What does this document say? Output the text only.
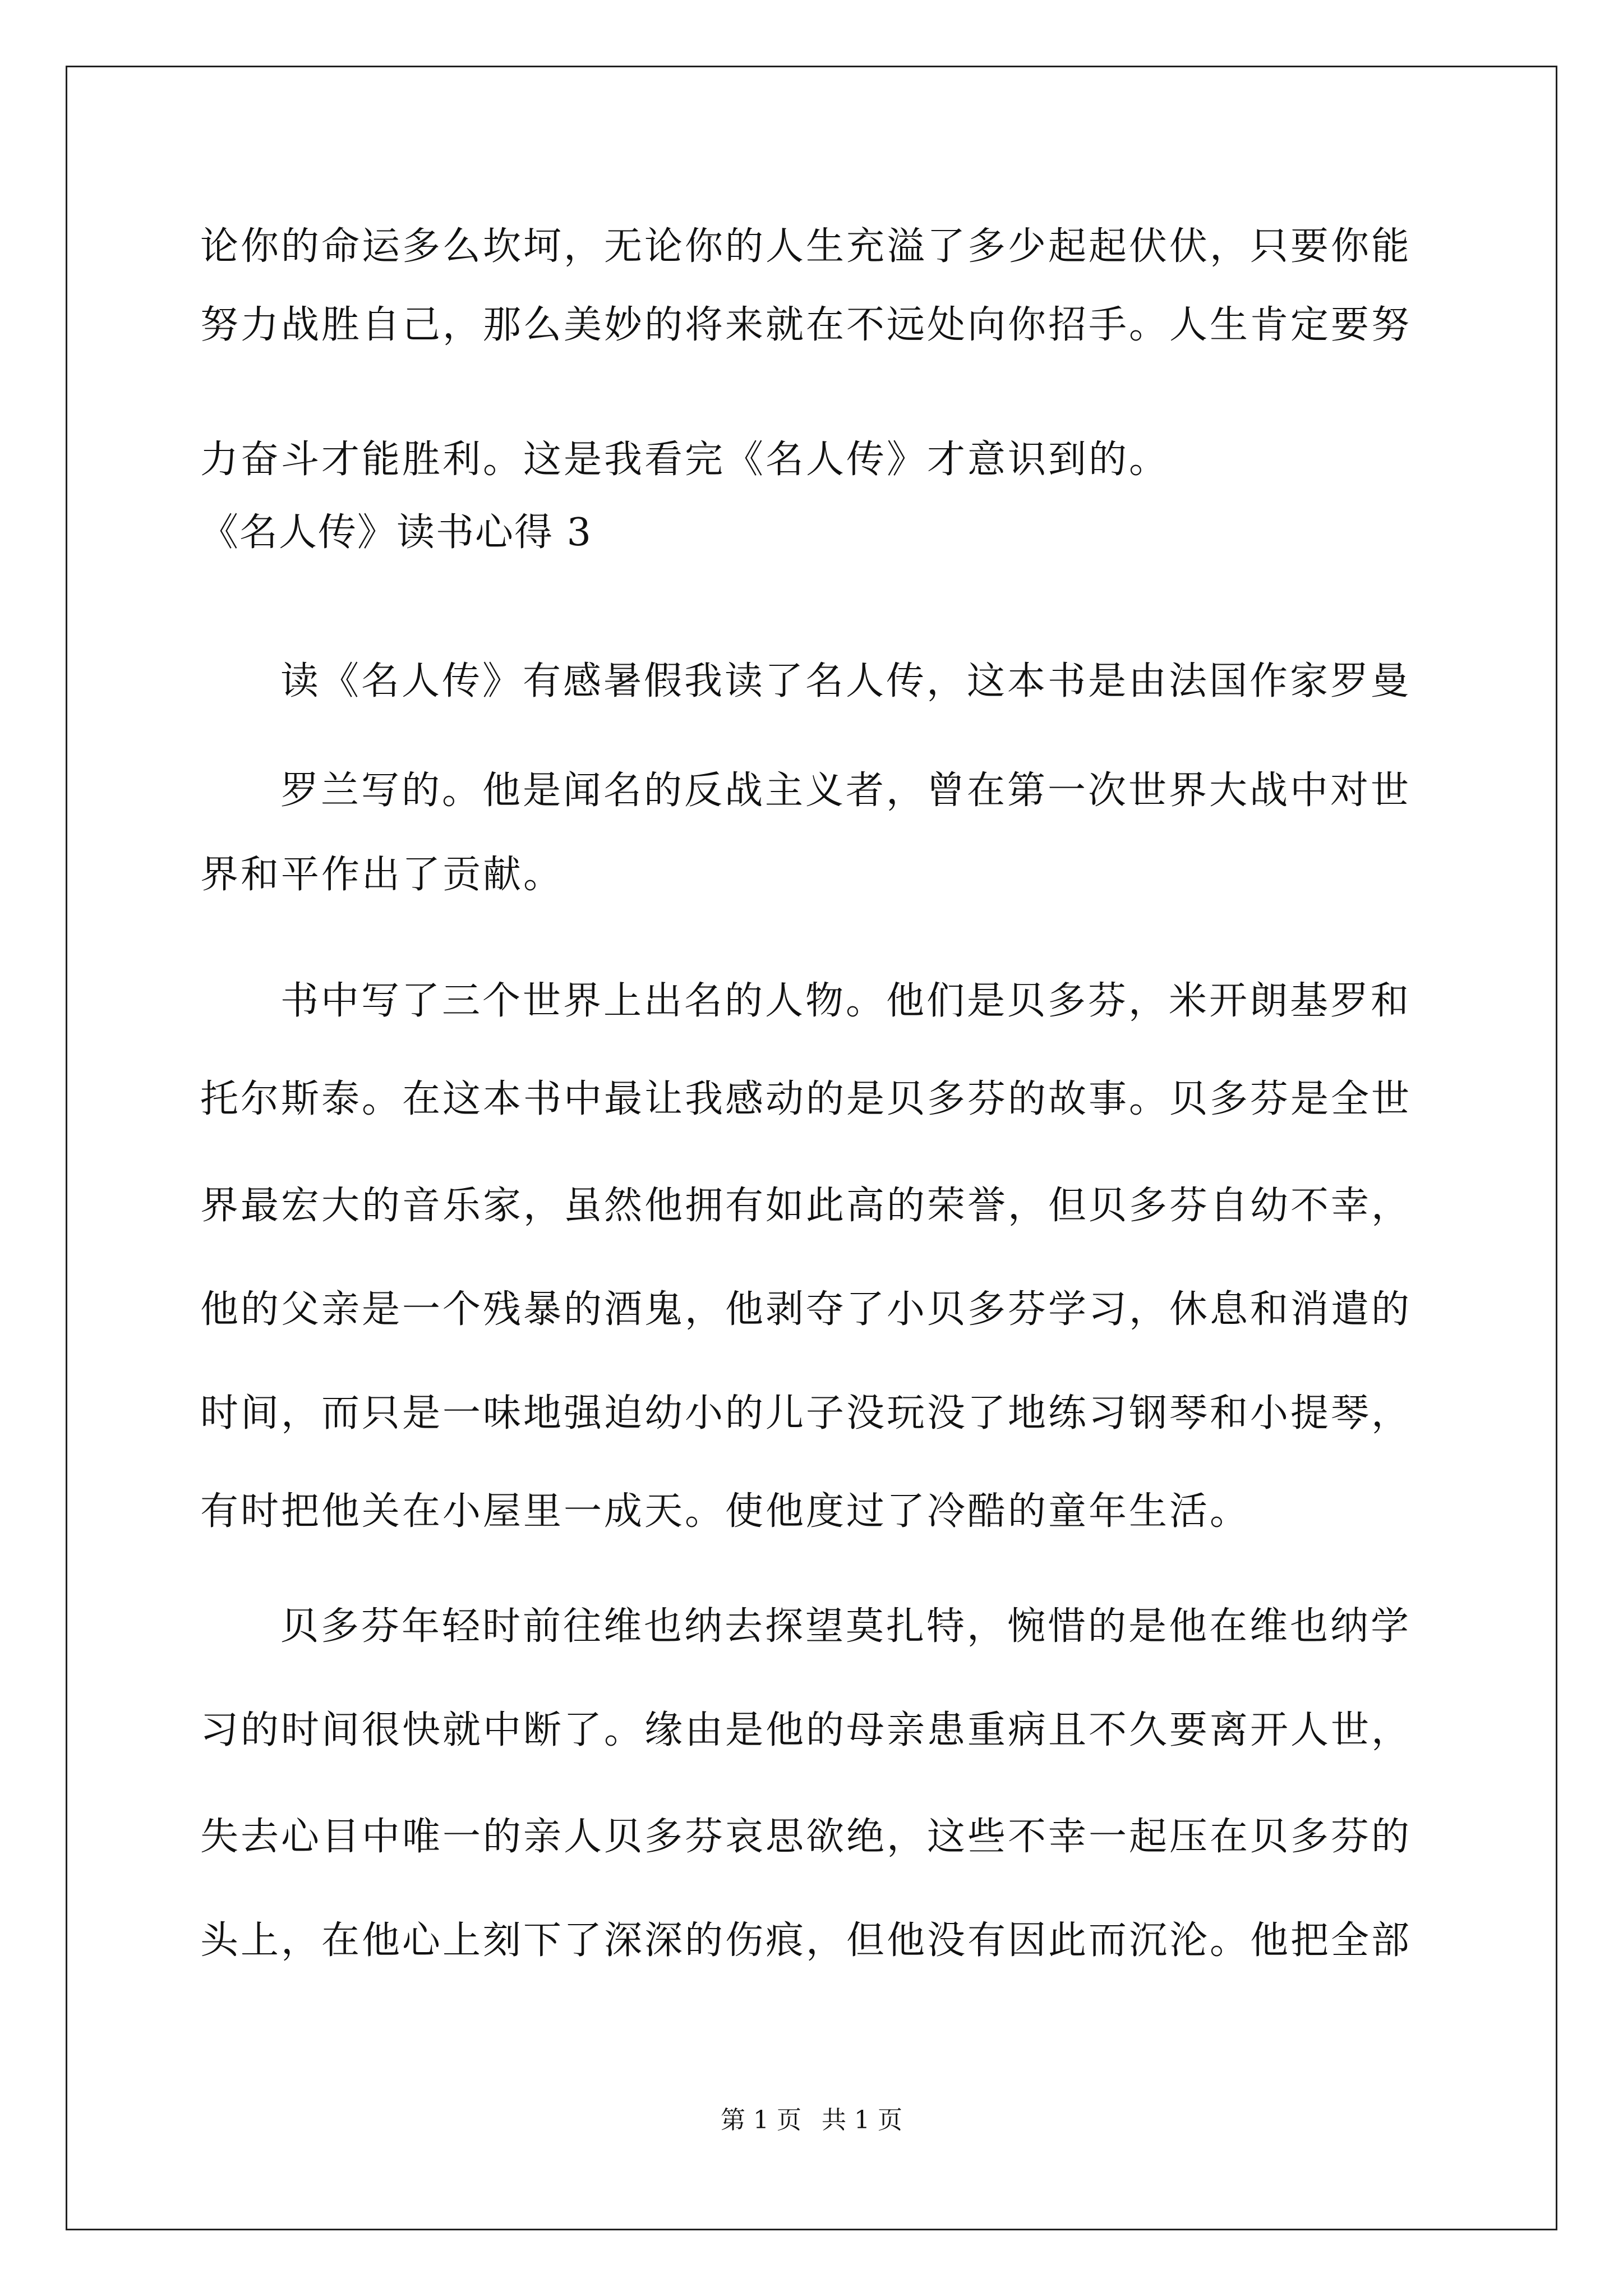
论你的命运多么坎坷，无论你的人生充溢了多少起起伏伏，只要你能
努力战胜自己，那么美妙的将来就在不远处向你招手。人生肯定要努
力奋斗才能胜利。这是我看完《名人传》才意识到的。
《名人传》读书心得 3
读《名人传》有感暑假我读了名人传，这本书是由法国作家罗曼
罗兰写的。他是闻名的反战主义者，曾在第一次世界大战中对世
界和平作出了贡献。
书中写了三个世界上出名的人物。他们是贝多芬，米开朗基罗和
托尔斯泰。在这本书中最让我感动的是贝多芬的故事。贝多芬是全世
界最宏大的音乐家，虽然他拥有如此高的荣誉，但贝多芬自幼不幸，
他的父亲是一个残暴的酒鬼，他剥夺了小贝多芬学习，休息和消遣的
时间，而只是一味地强迫幼小的儿子没玩没了地练习钢琴和小提琴，
有时把他关在小屋里一成天。使他度过了冷酷的童年生活。
贝多芬年轻时前往维也纳去探望莫扎特，惋惜的是他在维也纳学
习的时间很快就中断了。缘由是他的母亲患重病且不久要离开人世，
失去心目中唯一的亲人贝多芬哀思欲绝，这些不幸一起压在贝多芬的
头上，在他心上刻下了深深的伤痕，但他没有因此而沉沦。他把全部
第 1 页 共 1 页
